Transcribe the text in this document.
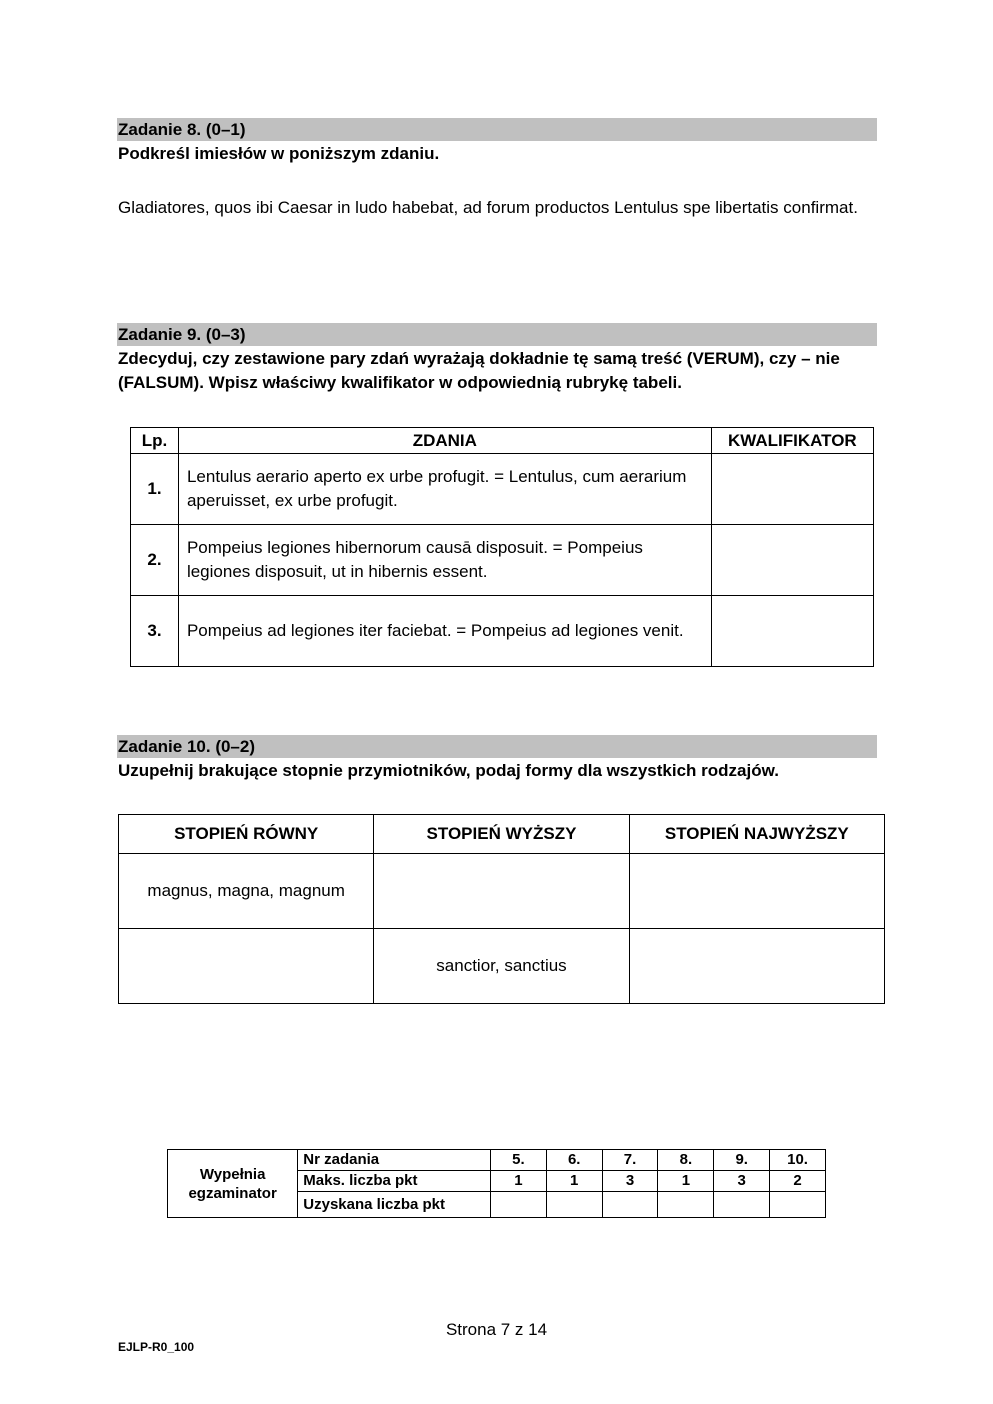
Zadanie 8. (0–1)
Podkreśl imiesłów w poniższym zdaniu.
Gladiatores, quos ibi Caesar in ludo habebat, ad forum productos Lentulus spe libertatis confirmat.
Zadanie 9. (0–3)
Zdecyduj, czy zestawione pary zdań wyrażają dokładnie tę samą treść (VERUM), czy – nie (FALSUM). Wpisz właściwy kwalifikator w odpowiednią rubrykę tabeli.
Lp.	ZDANIA	KWALIFIKATOR
1.	Lentulus aerario aperto ex urbe profugit. = Lentulus, cum aerarium aperuisset, ex urbe profugit.	
2.	Pompeius legiones hibernorum causā disposuit. = Pompeius legiones disposuit, ut in hibernis essent.	
3.	Pompeius ad legiones iter faciebat. = Pompeius ad legiones venit.	
Zadanie 10. (0–2)
Uzupełnij brakujące stopnie przymiotników, podaj formy dla wszystkich rodzajów.
STOPIEŃ RÓWNY	STOPIEŃ WYŻSZY	STOPIEŃ NAJWYŻSZY
magnus, magna, magnum		
	sanctior, sanctius	
Wypełnia egzaminator	Nr zadania	5.	6.	7.	8.	9.	10.
	Maks. liczba pkt	1	1	3	1	3	2
	Uzyskana liczba pkt						
Strona 7 z 14
EJLP-R0_100
